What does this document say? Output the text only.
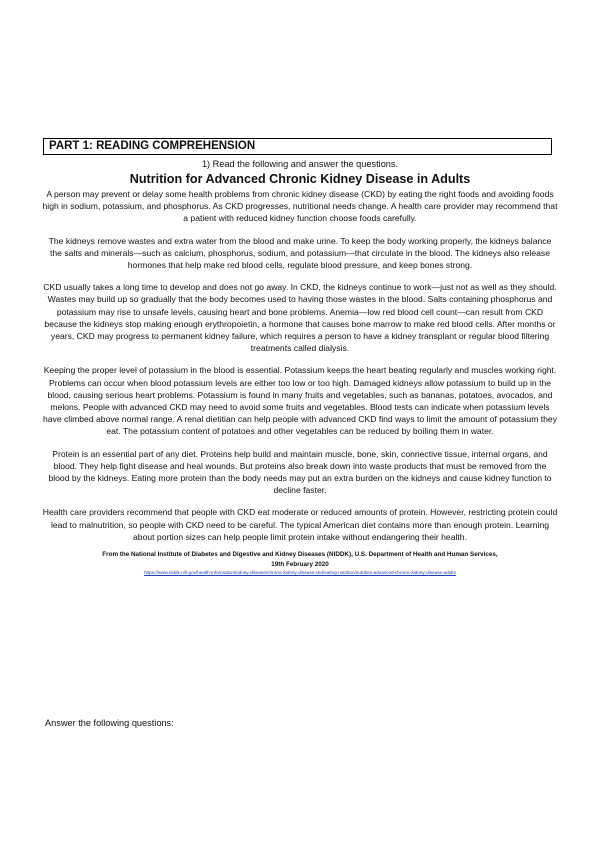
PART 1: READING COMPREHENSION
1) Read the following and answer the questions.
Nutrition for Advanced Chronic Kidney Disease in Adults

A person may prevent or delay some health problems from chronic kidney disease (CKD) by eating the right foods and avoiding foods high in sodium, potassium, and phosphorus. As CKD progresses, nutritional needs change. A health care provider may recommend that a patient with reduced kidney function choose foods carefully.

The kidneys remove wastes and extra water from the blood and make urine. To keep the body working properly, the kidneys balance the salts and minerals—such as calcium, phosphorus, sodium, and potassium—that circulate in the blood. The kidneys also release hormones that help make red blood cells, regulate blood pressure, and keep bones strong.

CKD usually takes a long time to develop and does not go away. In CKD, the kidneys continue to work—just not as well as they should. Wastes may build up so gradually that the body becomes used to having those wastes in the blood. Salts containing phosphorus and potassium may rise to unsafe levels, causing heart and bone problems. Anemia—low red blood cell count—can result from CKD because the kidneys stop making enough erythropoietin, a hormone that causes bone marrow to make red blood cells. After months or years, CKD may progress to permanent kidney failure, which requires a person to have a kidney transplant or regular blood filtering treatments called dialysis.

Keeping the proper level of potassium in the blood is essential. Potassium keeps the heart beating regularly and muscles working right. Problems can occur when blood potassium levels are either too low or too high. Damaged kidneys allow potassium to build up in the blood, causing serious heart problems. Potassium is found in many fruits and vegetables, such as bananas, potatoes, avocados, and melons. People with advanced CKD may need to avoid some fruits and vegetables. Blood tests can indicate when potassium levels have climbed above normal range. A renal dietitian can help people with advanced CKD find ways to limit the amount of potassium they eat. The potassium content of potatoes and other vegetables can be reduced by boiling them in water.

Protein is an essential part of any diet. Proteins help build and maintain muscle, bone, skin, connective tissue, internal organs, and blood. They help fight disease and heal wounds. But proteins also break down into waste products that must be removed from the blood by the kidneys. Eating more protein than the body needs may put an extra burden on the kidneys and cause kidney function to decline faster.

Health care providers recommend that people with CKD eat moderate or reduced amounts of protein. However, restricting protein could lead to malnutrition, so people with CKD need to be careful. The typical American diet contains more than enough protein. Learning about portion sizes can help people limit protein intake without endangering their health.

From the National Institute of Diabetes and Digestive and Kidney Diseases (NIDDK), U.S. Department of Health and Human Services,
19th February 2020
https://www.niddk.nih.gov/health-information/kidney-disease/chronic-kidney-disease-ckd/eating-nutrition/nutrition-advanced-chronic-kidney-disease-adults
Answer the following questions:
